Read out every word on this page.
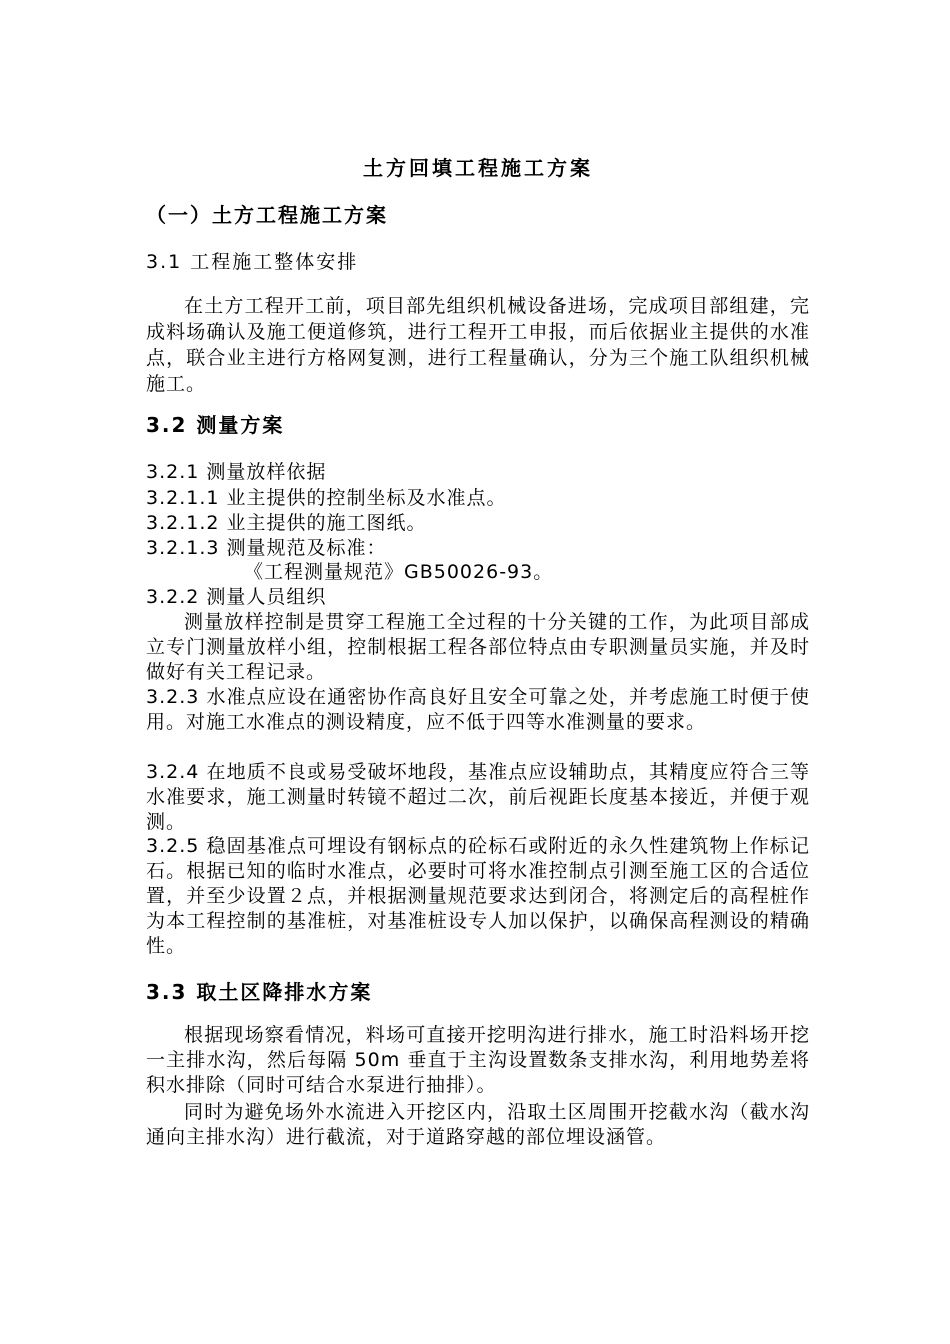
土方回填工程施工方案

（一）土方工程施工方案

3.1 工程施工整体安排

在土方工程开工前，项目部先组织机械设备进场，完成项目部组建，完成料场确认及施工便道修筑，进行工程开工申报，而后依据业主提供的水准点，联合业主进行方格网复测，进行工程量确认，分为三个施工队组织机械施工。

3.2 测量方案

3.2.1 测量放样依据

3.2.1.1 业主提供的控制坐标及水准点。

3.2.1.2 业主提供的施工图纸。

3.2.1.3 测量规范及标准：

《工程测量规范》GB50026-93。

3.2.2 测量人员组织

测量放样控制是贯穿工程施工全过程的十分关键的工作，为此项目部成立专门测量放样小组，控制根据工程各部位特点由专职测量员实施，并及时做好有关工程记录。

3.2.3 水准点应设在通密协作高良好且安全可靠之处，并考虑施工时便于使用。对施工水准点的测设精度，应不低于四等水准测量的要求。

3.2.4 在地质不良或易受破坏地段，基准点应设辅助点，其精度应符合三等水准要求，施工测量时转镜不超过二次，前后视距长度基本接近，并便于观测。

3.2.5 稳固基准点可埋设有钢标点的砼标石或附近的永久性建筑物上作标记石。根据已知的临时水准点，必要时可将水准控制点引测至施工区的合适位置，并至少设置２点，并根据测量规范要求达到闭合，将测定后的高程桩作为本工程控制的基准桩，对基准桩设专人加以保护，以确保高程测设的精确性。

3.3 取土区降排水方案

根据现场察看情况，料场可直接开挖明沟进行排水，施工时沿料场开挖一主排水沟，然后每隔 50m 垂直于主沟设置数条支排水沟，利用地势差将积水排除（同时可结合水泵进行抽排）。

同时为避免场外水流进入开挖区内，沿取土区周围开挖截水沟（截水沟通向主排水沟）进行截流，对于道路穿越的部位埋设涵管。
